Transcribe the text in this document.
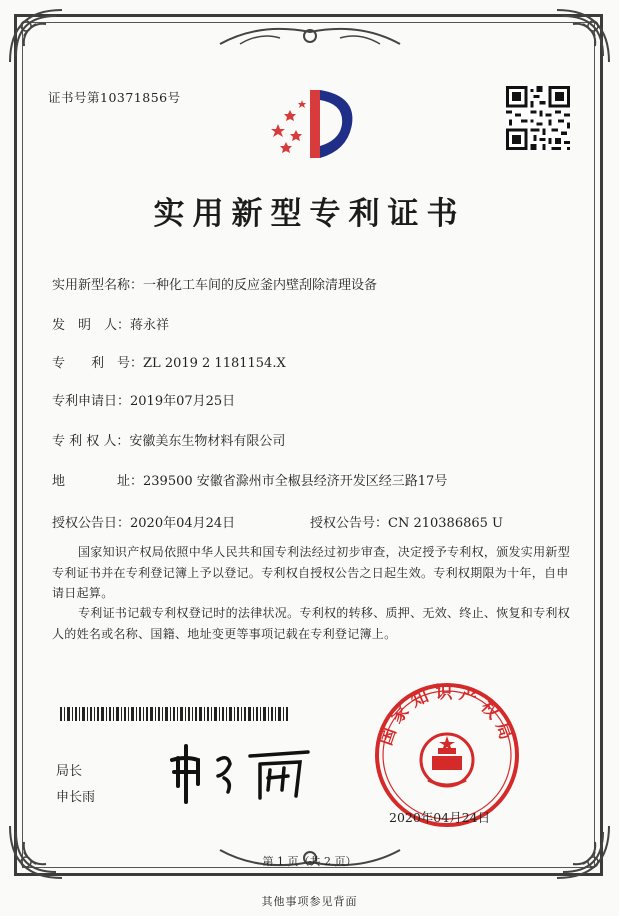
证书号第10371856号
实用新型专利证书
实用新型名称：一种化工车间的反应釜内壁刮除清理设备
发　明　人：蒋永祥
专　　利　号：ZL 2019 2 1181154.X
专利申请日：2019年07月25日
专 利 权 人：安徽美东生物材料有限公司
地　　　　址：239500 安徽省滁州市全椒县经济开发区经三路17号
授权公告日：2020年04月24日	授权公告号：CN 210386865 U
国家知识产权局依照中华人民共和国专利法经过初步审查，决定授予专利权，颁发实用新型专利证书并在专利登记簿上予以登记。专利权自授权公告之日起生效。专利权期限为十年，自申请日起算。
专利证书记载专利权登记时的法律状况。专利权的转移、质押、无效、终止、恢复和专利权人的姓名或名称、国籍、地址变更等事项记载在专利登记簿上。
局长
申长雨
国家知识产权局
2020年04月24日
第 1 页（共 2 页）
其他事项参见背面
